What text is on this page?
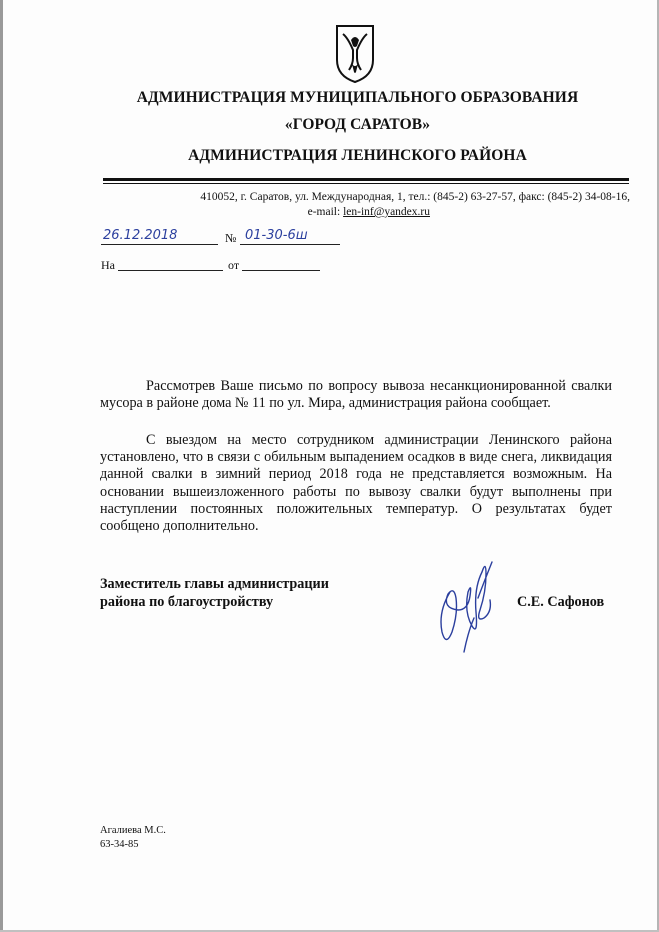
АДМИНИСТРАЦИЯ МУНИЦИПАЛЬНОГО ОБРАЗОВАНИЯ
«ГОРОД САРАТОВ»
АДМИНИСТРАЦИЯ ЛЕНИНСКОГО РАЙОНА
410052, г. Саратов, ул. Международная, 1, тел.: (845-2) 63-27-57, факс: (845-2) 34-08-16,
e-mail: len-inf@yandex.ru
26.12.2018	№ 01-30-6ш
На	от

Рассмотрев Ваше письмо по вопросу вывоза несанкционированной свалки мусора в районе дома № 11 по ул. Мира, администрация района сообщает.

С выездом на место сотрудником администрации Ленинского района установлено, что в связи с обильным выпадением осадков в виде снега, ликвидация данной свалки в зимний период 2018 года не представляется возможным. На основании вышеизложенного работы по вывозу свалки будут выполнены при наступлении постоянных положительных температур. О результатах будет сообщено дополнительно.

Заместитель главы администрации
района по благоустройству	С.Е. Сафонов
Агалиева М.С.
63-34-85
